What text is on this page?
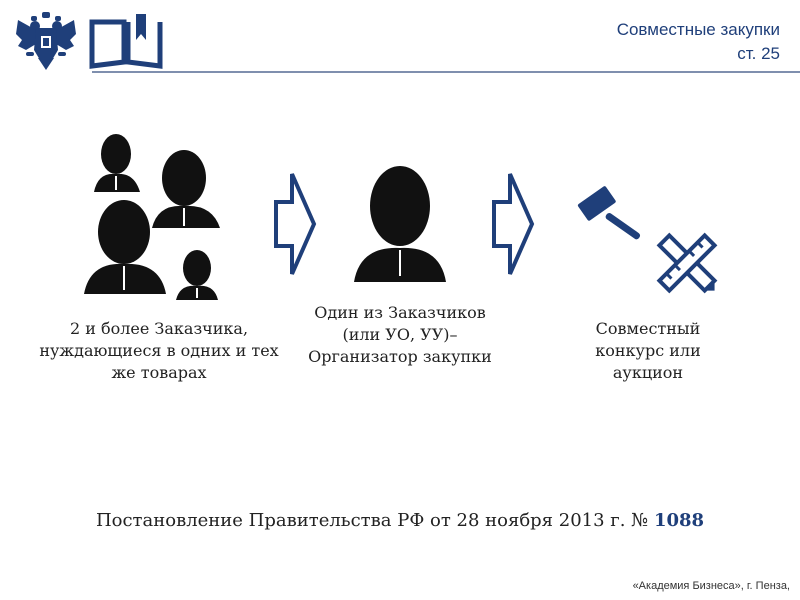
Совместные закупки
ст. 25
2 и более Заказчика, нуждающиеся в одних и тех же товарах
Один из Заказчиков (или УО, УУ)– Организатор закупки
Совместный конкурс или аукцион
Постановление Правительства РФ от 28 ноября 2013 г. № 1088
«Академия Бизнеса», г. Пенза,
